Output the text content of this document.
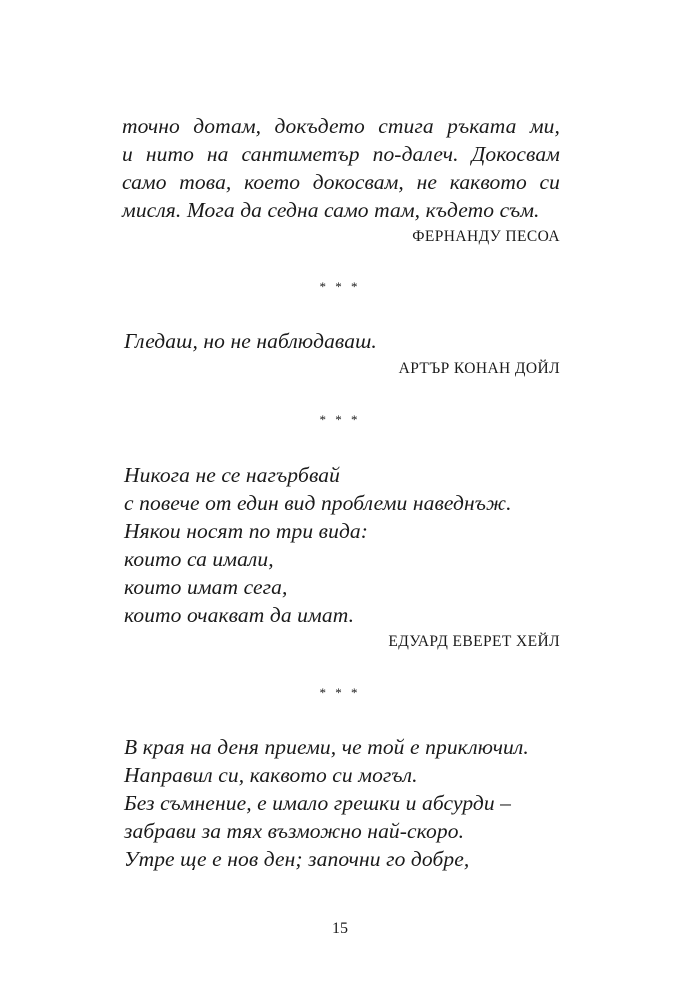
точно дотам, докъдето стига ръката ми,
и нито на сантиметър по-далеч. Докосвам
само това, което докосвам, не каквото си
мисля. Мога да седна само там, където съм.
ФЕРНАНДУ ПЕСОА
* * *
Гледаш, но не наблюдаваш.
АРТЪР КОНАН ДОЙЛ
* * *
Никога не се нагърбвай
с повече от един вид проблеми наведнъж.
Някои носят по три вида:
които са имали,
които имат сега,
които очакват да имат.
ЕДУАРД ЕВЕРЕТ ХЕЙЛ
* * *
В края на деня приеми, че той е приключил.
Направил си, каквото си могъл.
Без съмнение, е имало грешки и абсурди –
забрави за тях възможно най-скоро.
Утре ще е нов ден; започни го добре,
15
